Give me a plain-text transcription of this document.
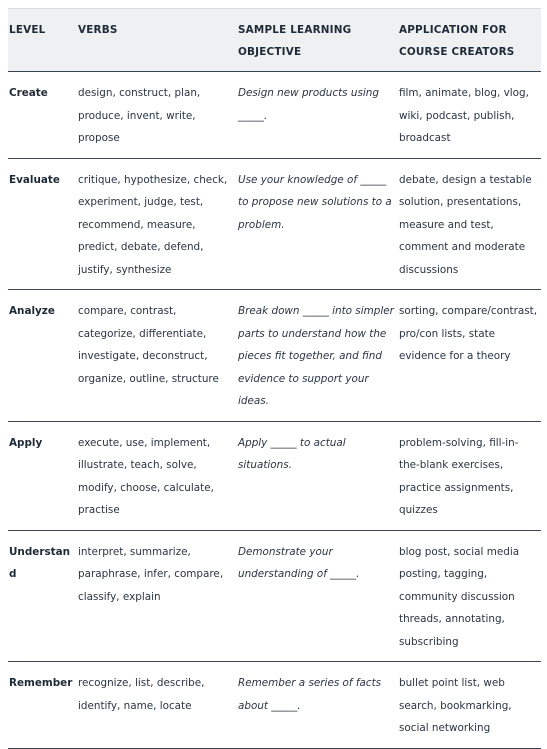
LEVEL	VERBS	SAMPLE LEARNING OBJECTIVE	APPLICATION FOR COURSE CREATORS
Create	design, construct, plan, produce, invent, write, propose	Design new products using _____.	film, animate, blog, vlog, wiki, podcast, publish, broadcast
Evaluate	critique, hypothesize, check, experiment, judge, test, recommend, measure, predict, debate, defend, justify, synthesize	Use your knowledge of _____ to propose new solutions to a problem.	debate, design a testable solution, presentations, measure and test, comment and moderate discussions
Analyze	compare, contrast, categorize, differentiate, investigate, deconstruct, organize, outline, structure	Break down _____ into simpler parts to understand how the pieces fit together, and find evidence to support your ideas.	sorting, compare/contrast, pro/con lists, state evidence for a theory
Apply	execute, use, implement, illustrate, teach, solve, modify, choose, calculate, practise	Apply _____ to actual situations.	problem-solving, fill-in-the-blank exercises, practice assignments, quizzes
Understand	interpret, summarize, paraphrase, infer, compare, classify, explain	Demonstrate your understanding of _____.	blog post, social media posting, tagging, community discussion threads, annotating, subscribing
Remember	recognize, list, describe, identify, name, locate	Remember a series of facts about _____.	bullet point list, web search, bookmarking, social networking
